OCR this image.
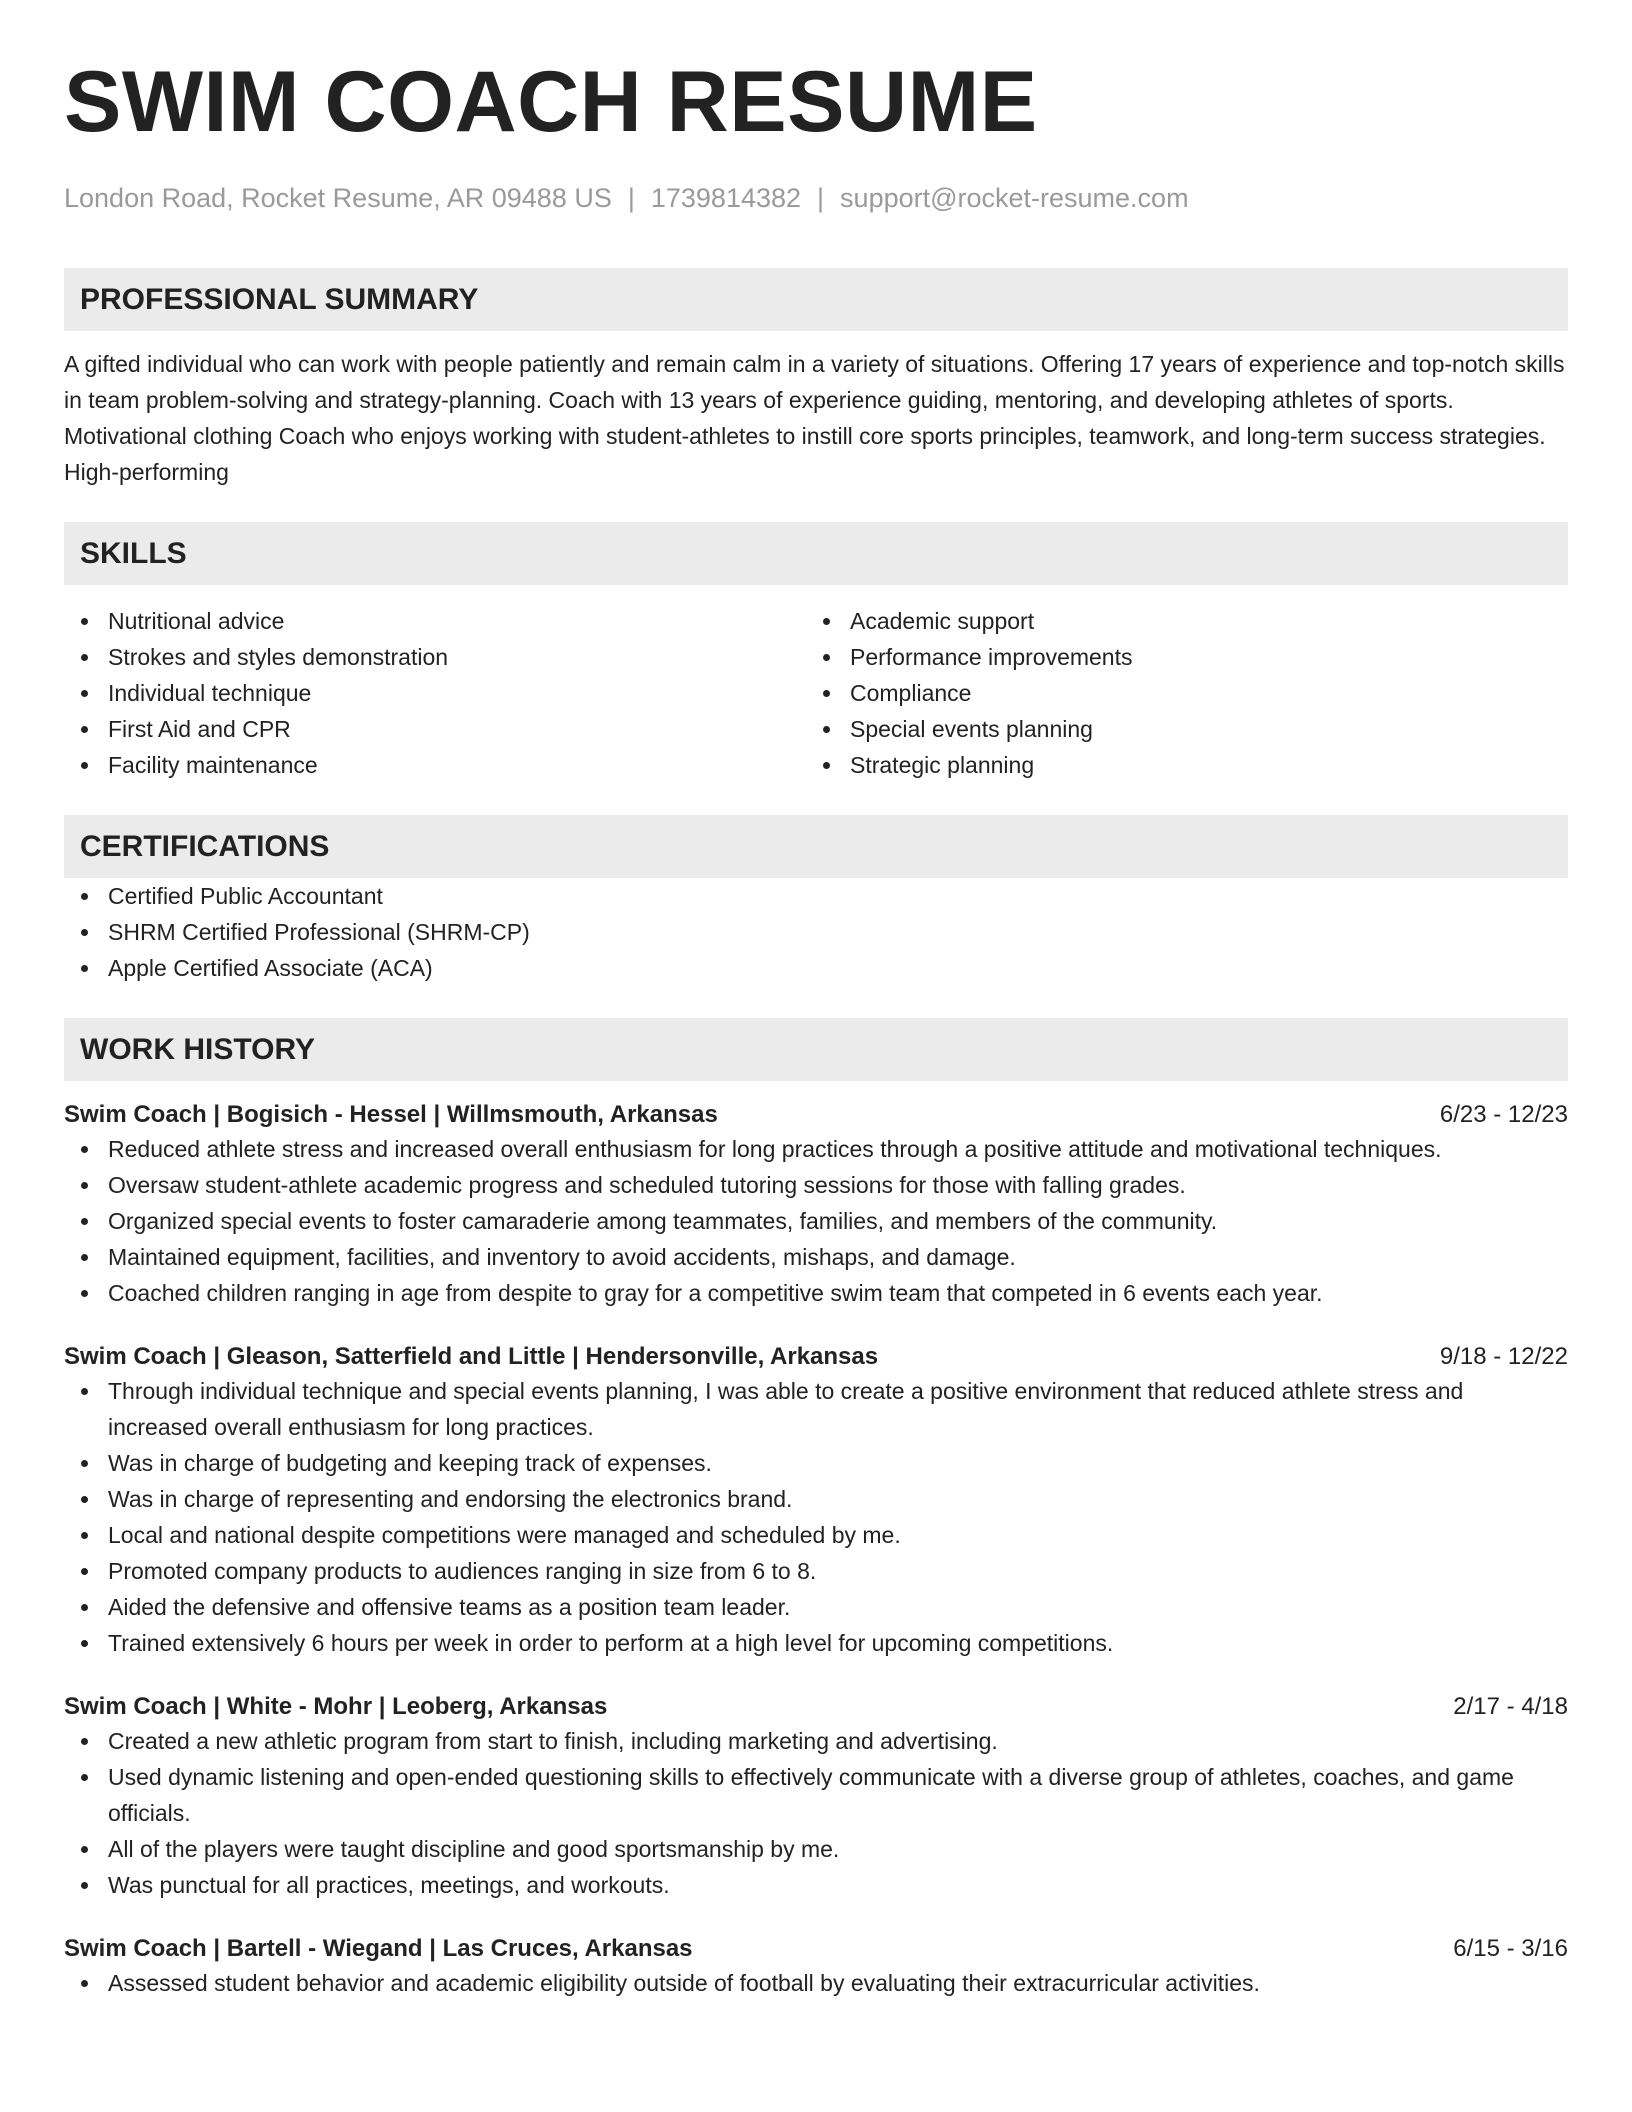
SWIM COACH RESUME
London Road, Rocket Resume, AR 09488 US | 1739814382 | support@rocket-resume.com
PROFESSIONAL SUMMARY
A gifted individual who can work with people patiently and remain calm in a variety of situations. Offering 17 years of experience and top-notch skills in team problem-solving and strategy-planning. Coach with 13 years of experience guiding, mentoring, and developing athletes of sports. Motivational clothing Coach who enjoys working with student-athletes to instill core sports principles, teamwork, and long-term success strategies. High-performing
SKILLS
Nutritional advice
Strokes and styles demonstration
Individual technique
First Aid and CPR
Facility maintenance
Academic support
Performance improvements
Compliance
Special events planning
Strategic planning
CERTIFICATIONS
Certified Public Accountant
SHRM Certified Professional (SHRM-CP)
Apple Certified Associate (ACA)
WORK HISTORY
Swim Coach | Bogisich - Hessel | Willmsmouth, Arkansas	6/23 - 12/23
Reduced athlete stress and increased overall enthusiasm for long practices through a positive attitude and motivational techniques.
Oversaw student-athlete academic progress and scheduled tutoring sessions for those with falling grades.
Organized special events to foster camaraderie among teammates, families, and members of the community.
Maintained equipment, facilities, and inventory to avoid accidents, mishaps, and damage.
Coached children ranging in age from despite to gray for a competitive swim team that competed in 6 events each year.
Swim Coach | Gleason, Satterfield and Little | Hendersonville, Arkansas	9/18 - 12/22
Through individual technique and special events planning, I was able to create a positive environment that reduced athlete stress and increased overall enthusiasm for long practices.
Was in charge of budgeting and keeping track of expenses.
Was in charge of representing and endorsing the electronics brand.
Local and national despite competitions were managed and scheduled by me.
Promoted company products to audiences ranging in size from 6 to 8.
Aided the defensive and offensive teams as a position team leader.
Trained extensively 6 hours per week in order to perform at a high level for upcoming competitions.
Swim Coach | White - Mohr | Leoberg, Arkansas	2/17 - 4/18
Created a new athletic program from start to finish, including marketing and advertising.
Used dynamic listening and open-ended questioning skills to effectively communicate with a diverse group of athletes, coaches, and game officials.
All of the players were taught discipline and good sportsmanship by me.
Was punctual for all practices, meetings, and workouts.
Swim Coach | Bartell - Wiegand | Las Cruces, Arkansas	6/15 - 3/16
Assessed student behavior and academic eligibility outside of football by evaluating their extracurricular activities.
